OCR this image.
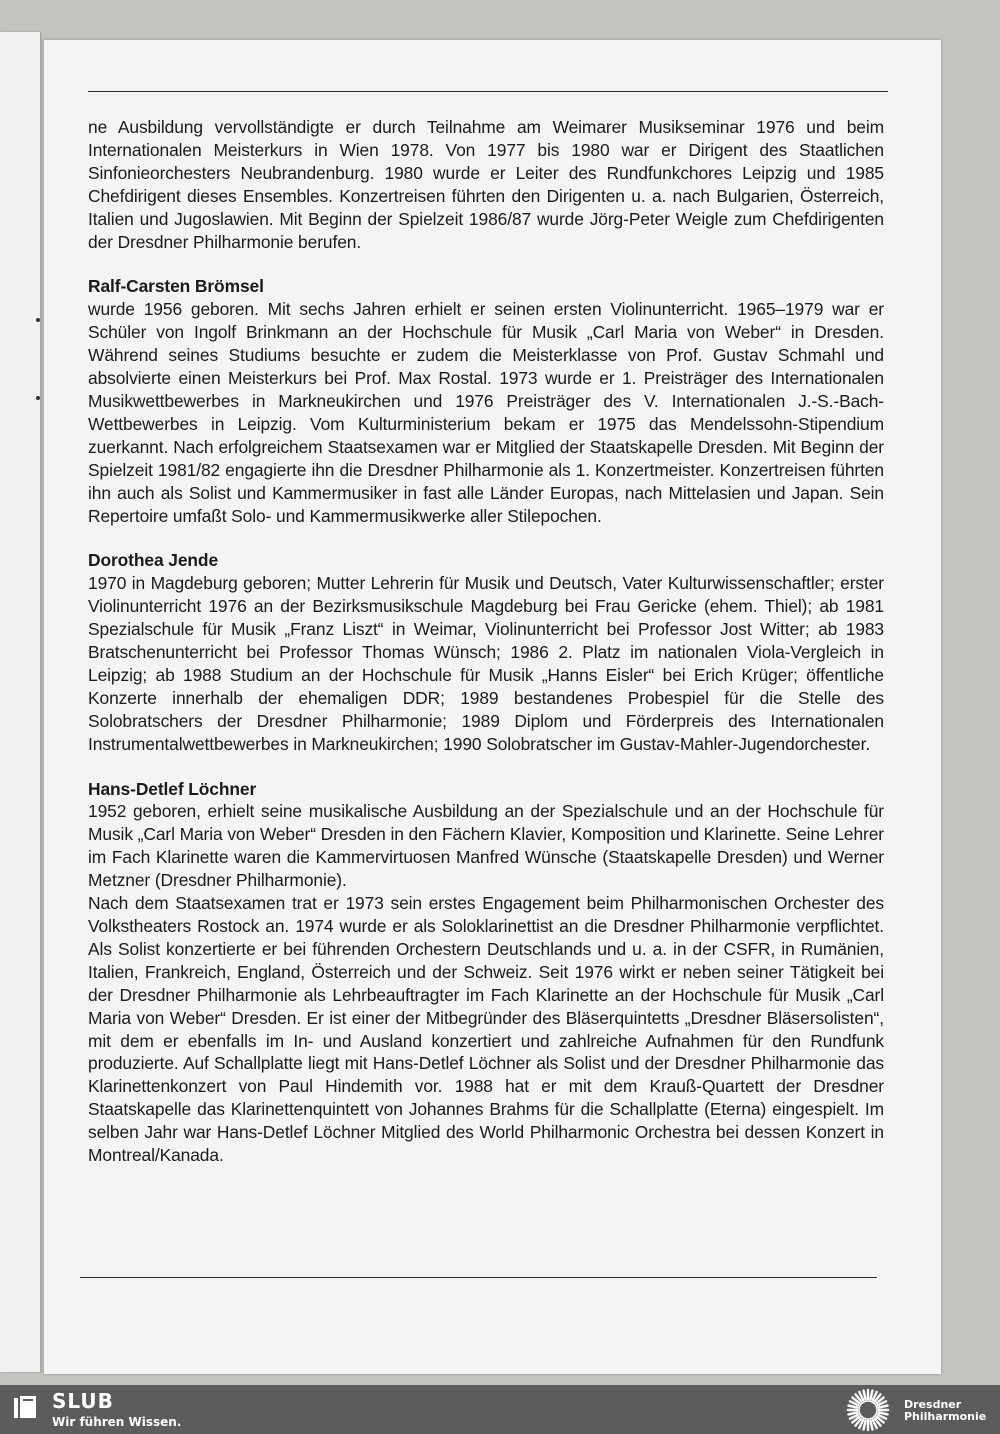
ne Ausbildung vervollständigte er durch Teilnahme am Weimarer Musikseminar 1976 und beim Internationalen Meisterkurs in Wien 1978. Von 1977 bis 1980 war er Dirigent des Staatlichen Sinfonieorchesters Neubrandenburg. 1980 wurde er Leiter des Rundfunkchores Leipzig und 1985 Chefdirigent dieses Ensembles. Konzertreisen führten den Dirigenten u. a. nach Bulgarien, Österreich, Italien und Jugoslawien. Mit Beginn der Spielzeit 1986/87 wurde Jörg-Peter Weigle zum Chefdirigenten der Dresdner Philharmonie berufen.

Ralf-Carsten Brömsel

wurde 1956 geboren. Mit sechs Jahren erhielt er seinen ersten Violinunterricht. 1965–1979 war er Schüler von Ingolf Brinkmann an der Hochschule für Musik „Carl Maria von Weber“ in Dresden. Während seines Studiums besuchte er zudem die Meisterklasse von Prof. Gustav Schmahl und absolvierte einen Meisterkurs bei Prof. Max Rostal. 1973 wurde er 1. Preisträger des Internationalen Musikwettbewerbes in Markneukirchen und 1976 Preisträger des V. Internationalen J.-S.-Bach-Wettbewerbes in Leipzig. Vom Kulturministerium bekam er 1975 das Mendelssohn-Stipendium zuerkannt. Nach erfolgreichem Staatsexamen war er Mitglied der Staatskapelle Dresden. Mit Beginn der Spielzeit 1981/82 engagierte ihn die Dresdner Philharmonie als 1. Konzertmeister. Konzertreisen führten ihn auch als Solist und Kammermusiker in fast alle Länder Europas, nach Mittelasien und Japan. Sein Repertoire umfaßt Solo- und Kammermusikwerke aller Stilepochen.

Dorothea Jende

1970 in Magdeburg geboren; Mutter Lehrerin für Musik und Deutsch, Vater Kulturwissenschaftler; erster Violinunterricht 1976 an der Bezirksmusikschule Magdeburg bei Frau Gericke (ehem. Thiel); ab 1981 Spezialschule für Musik „Franz Liszt“ in Weimar, Violinunterricht bei Professor Jost Witter; ab 1983 Bratschenunterricht bei Professor Thomas Wünsch; 1986 2. Platz im nationalen Viola-Vergleich in Leipzig; ab 1988 Studium an der Hochschule für Musik „Hanns Eisler“ bei Erich Krüger; öffentliche Konzerte innerhalb der ehemaligen DDR; 1989 bestandenes Probespiel für die Stelle des Solobratschers der Dresdner Philharmonie; 1989 Diplom und Förderpreis des Internationalen Instrumentalwettbewerbes in Markneukirchen; 1990 Solobratscher im Gustav-Mahler-Jugendorchester.

Hans-Detlef Löchner

1952 geboren, erhielt seine musikalische Ausbildung an der Spezialschule und an der Hochschule für Musik „Carl Maria von Weber“ Dresden in den Fächern Klavier, Komposition und Klarinette. Seine Lehrer im Fach Klarinette waren die Kammervirtuosen Manfred Wünsche (Staatskapelle Dresden) und Werner Metzner (Dresdner Philharmonie).

Nach dem Staatsexamen trat er 1973 sein erstes Engagement beim Philharmonischen Orchester des Volkstheaters Rostock an. 1974 wurde er als Soloklarinettist an die Dresdner Philharmonie verpflichtet. Als Solist konzertierte er bei führenden Orchestern Deutschlands und u. a. in der CSFR, in Rumänien, Italien, Frankreich, England, Österreich und der Schweiz. Seit 1976 wirkt er neben seiner Tätigkeit bei der Dresdner Philharmonie als Lehrbeauftragter im Fach Klarinette an der Hochschule für Musik „Carl Maria von Weber“ Dresden. Er ist einer der Mitbegründer des Bläserquintetts „Dresdner Bläsersolisten“, mit dem er ebenfalls im In- und Ausland konzertiert und zahlreiche Aufnahmen für den Rundfunk produzierte. Auf Schallplatte liegt mit Hans-Detlef Löchner als Solist und der Dresdner Philharmonie das Klarinettenkonzert von Paul Hindemith vor. 1988 hat er mit dem Krauß-Quartett der Dresdner Staatskapelle das Klarinettenquintett von Johannes Brahms für die Schallplatte (Eterna) eingespielt. Im selben Jahr war Hans-Detlef Löchner Mitglied des World Philharmonic Orchestra bei dessen Konzert in Montreal/Kanada.

SLUB
Wir führen Wissen.
Dresdner
Philharmonie
